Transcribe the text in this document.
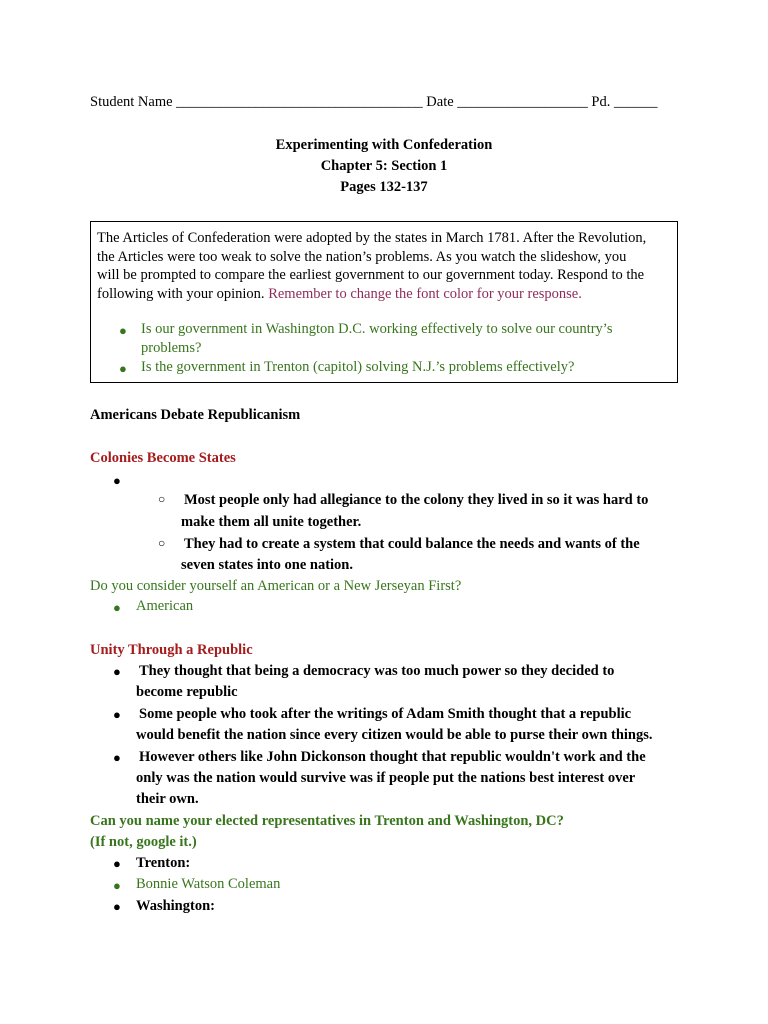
Student Name __________________________________ Date __________________ Pd. ______
Experimenting with Confederation
Chapter 5: Section 1
Pages 132-137
The Articles of Confederation were adopted by the states in March 1781. After the Revolution,
the Articles were too weak to solve the nation’s problems. As you watch the slideshow, you
will be prompted to compare the earliest government to our government today. Respond to the
following with your opinion. Remember to change the font color for your response.
● Is our government in Washington D.C. working effectively to solve our country’s
problems?
● Is the government in Trenton (capitol) solving N.J.’s problems effectively?
Americans Debate Republicanism
Colonies Become States
●
○ Most people only had allegiance to the colony they lived in so it was hard to
make them all unite together.
○ They had to create a system that could balance the needs and wants of the
seven states into one nation.
Do you consider yourself an American or a New Jerseyan First?
● American
Unity Through a Republic
● They thought that being a democracy was too much power so they decided to
become republic
● Some people who took after the writings of Adam Smith thought that a republic
would benefit the nation since every citizen would be able to purse their own things.
● However others like John Dickonson thought that republic wouldn't work and the
only was the nation would survive was if people put the nations best interest over
their own.
Can you name your elected representatives in Trenton and Washington, DC?
(If not, google it.)
● Trenton:
● Bonnie Watson Coleman
● Washington:
